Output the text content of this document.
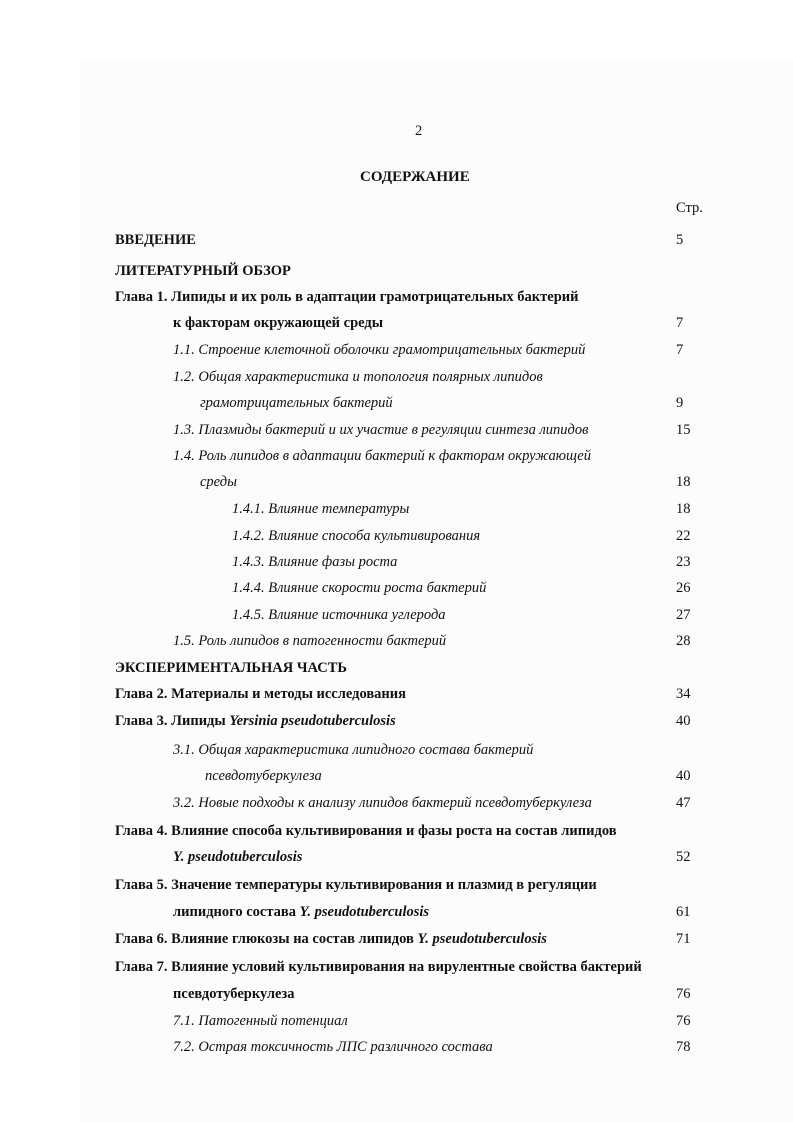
2
СОДЕРЖАНИЕ
Стр.
ВВЕДЕНИЕ	5
ЛИТЕРАТУРНЫЙ ОБЗОР
Глава 1. Липиды и их роль в адаптации грамотрицательных бактерий
к факторам окружающей среды	7
1.1. Строение клеточной оболочки грамотрицательных бактерий	7
1.2. Общая характеристика и топология полярных липидов
грамотрицательных бактерий	9
1.3. Плазмиды бактерий и их участие в регуляции синтеза липидов	15
1.4. Роль липидов в адаптации бактерий к факторам окружающей
среды	18
1.4.1. Влияние температуры	18
1.4.2. Влияние способа культивирования	22
1.4.3. Влияние фазы роста	23
1.4.4. Влияние скорости роста бактерий	26
1.4.5. Влияние источника углерода	27
1.5. Роль липидов в патогенности бактерий	28
ЭКСПЕРИМЕНТАЛЬНАЯ ЧАСТЬ
Глава 2. Материалы и методы исследования	34
Глава 3. Липиды Yersinia pseudotuberculosis	40
3.1. Общая характеристика липидного состава бактерий
псевдотуберкулеза	40
3.2. Новые подходы к анализу липидов бактерий псевдотуберкулеза	47
Глава 4. Влияние способа культивирования и фазы роста на состав липидов
Y. pseudotuberculosis	52
Глава 5. Значение температуры культивирования и плазмид в регуляции
липидного состава Y. pseudotuberculosis	61
Глава 6. Влияние глюкозы на состав липидов Y. pseudotuberculosis	71
Глава 7. Влияние условий культивирования на вирулентные свойства бактерий
псевдотуберкулеза	76
7.1. Патогенный потенциал	76
7.2. Острая токсичность ЛПС различного состава	78
